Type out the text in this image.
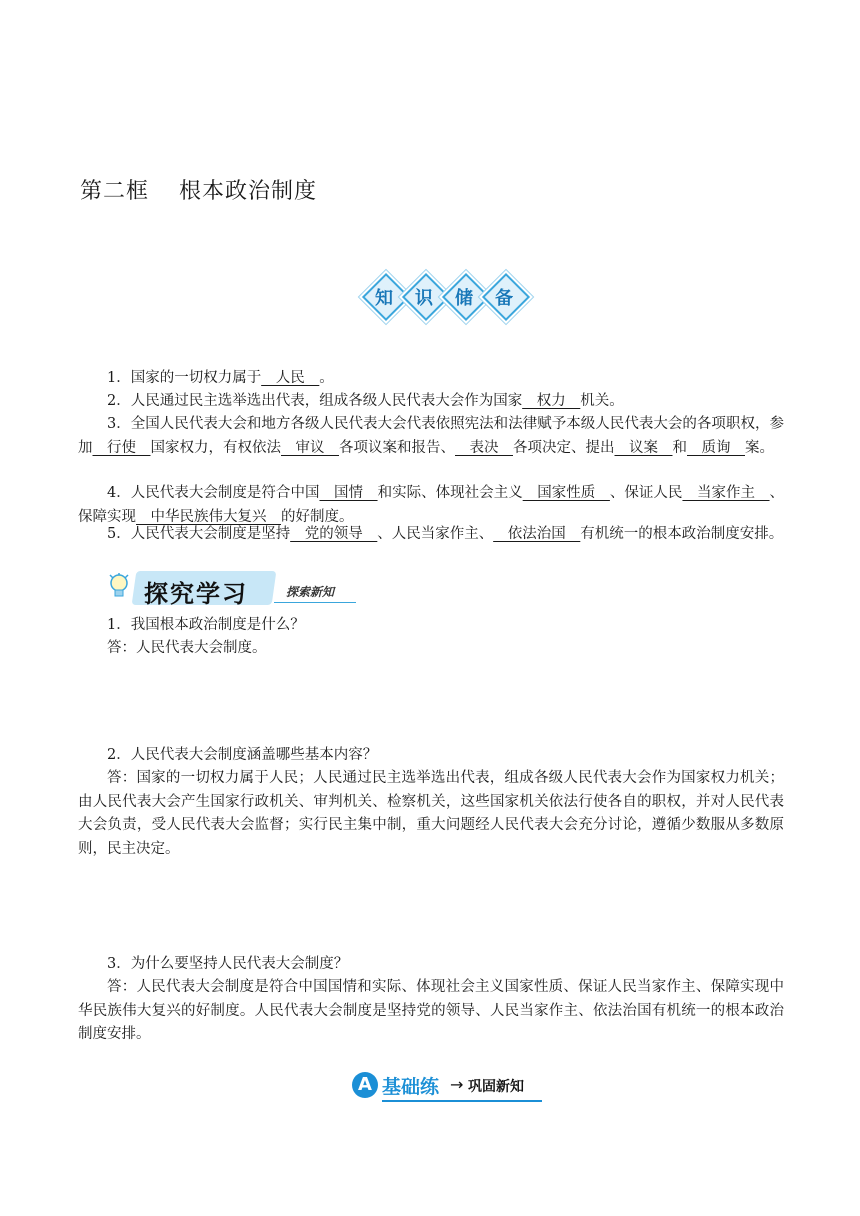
第二框 根本政治制度
知	识	储	备
1．国家的一切权力属于__人民__。
2．人民通过民主选举选出代表，组成各级人民代表大会作为国家__权力__机关。
3．全国人民代表大会和地方各级人民代表大会代表依照宪法和法律赋予本级人民代表大会的各项职权，参加__行使__国家权力，有权依法__审议__各项议案和报告、__表决__各项决定、提出__议案__和__质询__案。
4．人民代表大会制度是符合中国__国情__和实际、体现社会主义__国家性质__、保证人民__当家作主__、保障实现__中华民族伟大复兴__的好制度。
5．人民代表大会制度是坚持__党的领导__、人民当家作主、__依法治国__有机统一的根本政治制度安排。
探究学习	探索新知
1．我国根本政治制度是什么？
答：人民代表大会制度。
2．人民代表大会制度涵盖哪些基本内容？
答：国家的一切权力属于人民；人民通过民主选举选出代表，组成各级人民代表大会作为国家权力机关；由人民代表大会产生国家行政机关、审判机关、检察机关，这些国家机关依法行使各自的职权，并对人民代表大会负责，受人民代表大会监督；实行民主集中制，重大问题经人民代表大会充分讨论，遵循少数服从多数原则，民主决定。
3．为什么要坚持人民代表大会制度？
答：人民代表大会制度是符合中国国情和实际、体现社会主义国家性质、保证人民当家作主、保障实现中华民族伟大复兴的好制度。人民代表大会制度是坚持党的领导、人民当家作主、依法治国有机统一的根本政治制度安排。
A 基础练 → 巩固新知
